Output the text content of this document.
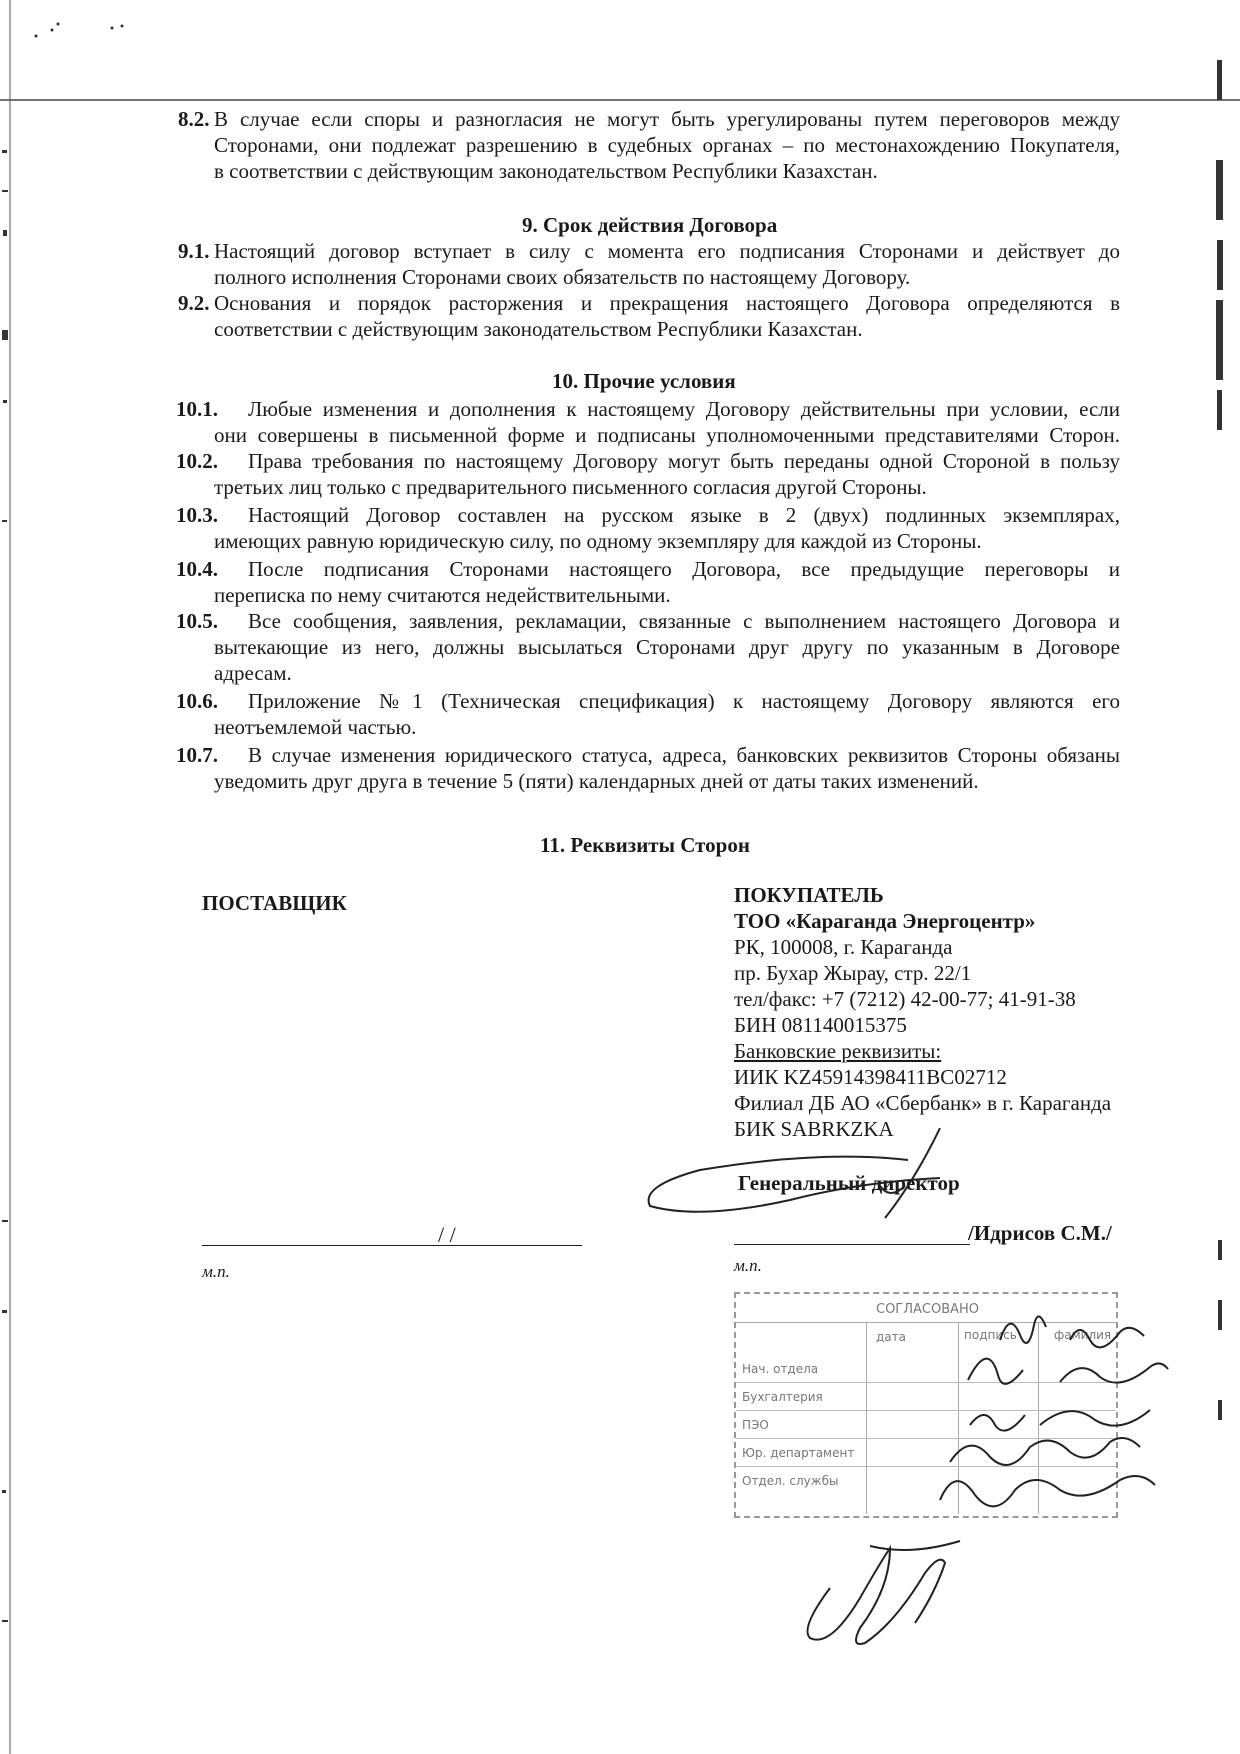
8.2. В случае если споры и разногласия не могут быть урегулированы путем переговоров между
Сторонами, они подлежат разрешению в судебных органах – по местонахождению Покупателя,
в соответствии с действующим законодательством Республики Казахстан.
9. Срок действия Договора
9.1. Настоящий договор вступает в силу с момента его подписания Сторонами и действует до
полного исполнения Сторонами своих обязательств по настоящему Договору.
9.2. Основания и порядок расторжения и прекращения настоящего Договора определяются в
соответствии с действующим законодательством Республики Казахстан.
10. Прочие условия
10.1. Любые изменения и дополнения к настоящему Договору действительны при условии, если
они совершены в письменной форме и подписаны уполномоченными представителями Сторон.
10.2. Права требования по настоящему Договору могут быть переданы одной Стороной в пользу
третьих лиц только с предварительного письменного согласия другой Стороны.
10.3. Настоящий Договор составлен на русском языке в 2 (двух) подлинных экземплярах,
имеющих равную юридическую силу, по одному экземпляру для каждой из Стороны.
10.4. После подписания Сторонами настоящего Договора, все предыдущие переговоры и
переписка по нему считаются недействительными.
10.5. Все сообщения, заявления, рекламации, связанные с выполнением настоящего Договора и
вытекающие из него, должны высылаться Сторонами друг другу по указанным в Договоре
адресам.
10.6. Приложение №1 (Техническая спецификация) к настоящему Договору являются его
неотъемлемой частью.
10.7. В случае изменения юридического статуса, адреса, банковских реквизитов Стороны обязаны
уведомить друг друга в течение 5 (пяти) календарных дней от даты таких изменений.
11. Реквизиты Сторон
ПОСТАВЩИК	ПОКУПАТЕЛЬ
ТОО «Караганда Энергоцентр»
РК, 100008, г. Караганда
пр. Бухар Жырау, стр. 22/1
тел/факс: +7 (7212) 42-00-77; 41-91-38
БИН 081140015375
Банковские реквизиты:
ИИК KZ45914398411BC02712
Филиал ДБ АО «Сбербанк» в г. Караганда
БИК SABRKZKA
Генеральный директор
/ /
м.п.
/Идрисов С.М./
м.п.
СОГЛАСОВАНО
дата	подпись	фамилия
Нач. отдела
Бухгалтерия
ПЭО
Юр. департамент
Отдел. службы
